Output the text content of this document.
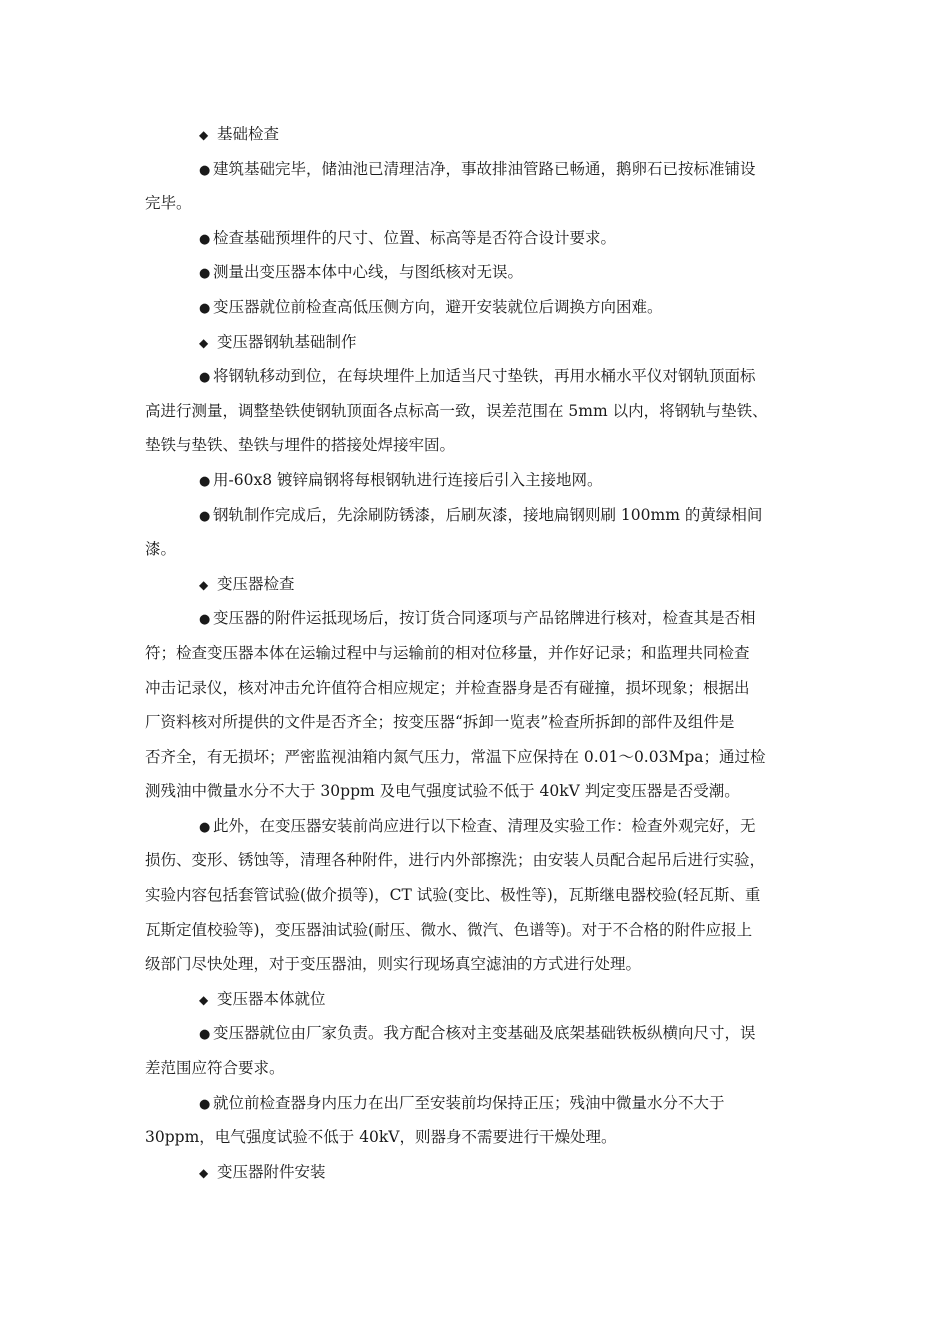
◆ 基础检查
● 建筑基础完毕，储油池已清理洁净，事故排油管路已畅通，鹅卵石已按标准铺设
完毕。
● 检查基础预埋件的尺寸、位置、标高等是否符合设计要求。
● 测量出变压器本体中心线，与图纸核对无误。
● 变压器就位前检查高低压侧方向，避开安装就位后调换方向困难。
◆ 变压器钢轨基础制作
● 将钢轨移动到位，在每块埋件上加适当尺寸垫铁，再用水桶水平仪对钢轨顶面标
高进行测量，调整垫铁使钢轨顶面各点标高一致，误差范围在 5mm 以内，将钢轨与垫铁、
垫铁与垫铁、垫铁与埋件的搭接处焊接牢固。
● 用-60x8 镀锌扁钢将每根钢轨进行连接后引入主接地网。
● 钢轨制作完成后，先涂刷防锈漆，后刷灰漆，接地扁钢则刷 100mm 的黄绿相间
漆。
◆ 变压器检查
● 变压器的附件运抵现场后，按订货合同逐项与产品铭牌进行核对，检查其是否相
符；检查变压器本体在运输过程中与运输前的相对位移量，并作好记录；和监理共同检查
冲击记录仪，核对冲击允许值符合相应规定；并检查器身是否有碰撞，损坏现象；根据出
厂资料核对所提供的文件是否齐全；按变压器“拆卸一览表”检查所拆卸的部件及组件是
否齐全，有无损坏；严密监视油箱内氮气压力，常温下应保持在 0.01～0.03Mpa；通过检
测残油中微量水分不大于 30ppm 及电气强度试验不低于 40kV 判定变压器是否受潮。
● 此外，在变压器安装前尚应进行以下检查、清理及实验工作：检查外观完好，无
损伤、变形、锈蚀等，清理各种附件，进行内外部擦洗；由安装人员配合起吊后进行实验，
实验内容包括套管试验(做介损等)，CT 试验(变比、极性等)，瓦斯继电器校验(轻瓦斯、重
瓦斯定值校验等)，变压器油试验(耐压、微水、微汽、色谱等)。对于不合格的附件应报上
级部门尽快处理，对于变压器油，则实行现场真空滤油的方式进行处理。
◆ 变压器本体就位
● 变压器就位由厂家负责。我方配合核对主变基础及底架基础铁板纵横向尺寸，误
差范围应符合要求。
● 就位前检查器身内压力在出厂至安装前均保持正压；残油中微量水分不大于
30ppm，电气强度试验不低于 40kV，则器身不需要进行干燥处理。
◆ 变压器附件安装
